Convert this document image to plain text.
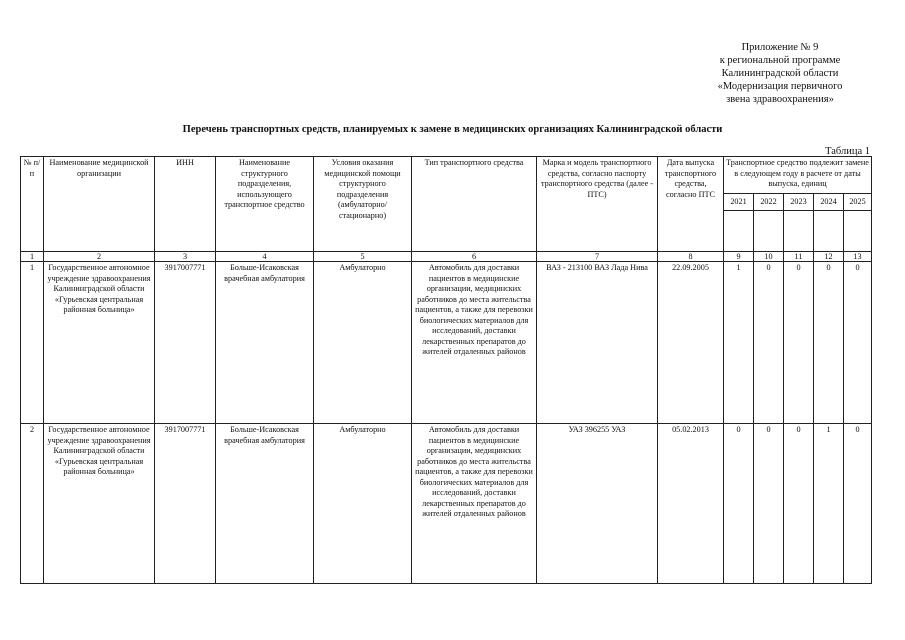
Приложение № 9
к региональной программе
Калининградской области
«Модернизация первичного
звена здравоохранения»
Перечень транспортных средств, планируемых к замене в медицинских организациях Калининградской области
Таблица 1
№ п/п	Наименование медицинской организации	ИНН	Наименование структурного подразделения, использующего транспортное средство	Условия оказания медицинской помощи структурного подразделения (амбулаторно/стационарно)	Тип транспортного средства	Марка и модель транспортного средства, согласно паспорту транспортного средства (далее - ПТС)	Дата выпуска транспортного средства, согласно ПТС	Транспортное средство подлежит замене в следующем году в расчете от даты выпуска, единиц				
								2021	2022	2023	2024	2025

1	2	3	4	5	6	7	8	9	10	11	12	13
1	Государственное автономное учреждение здравоохранения Калининградской области «Гурьевская центральная районная больница»	3917007771	Больше-Исаковская врачебная амбулатория	Амбулаторно	Автомобиль для доставки пациентов в медицинские организации, медицинских работников до места жительства пациентов, а также для перевозки биологических материалов для исследований, доставки лекарственных препаратов до жителей отдаленных районов	ВАЗ - 213100 ВАЗ Лада Нива	22.09.2005	1	0	0	0	0
2	Государственное автономное учреждение здравоохранения Калининградской области «Гурьевская центральная районная больница»	3917007771	Больше-Исаковская врачебная амбулатория	Амбулаторно	Автомобиль для доставки пациентов в медицинские организации, медицинских работников до места жительства пациентов, а также для перевозки биологических материалов для исследований, доставки лекарственных препаратов до жителей отдаленных районов	УАЗ 396255 УАЗ	05.02.2013	0	0	0	1	0
